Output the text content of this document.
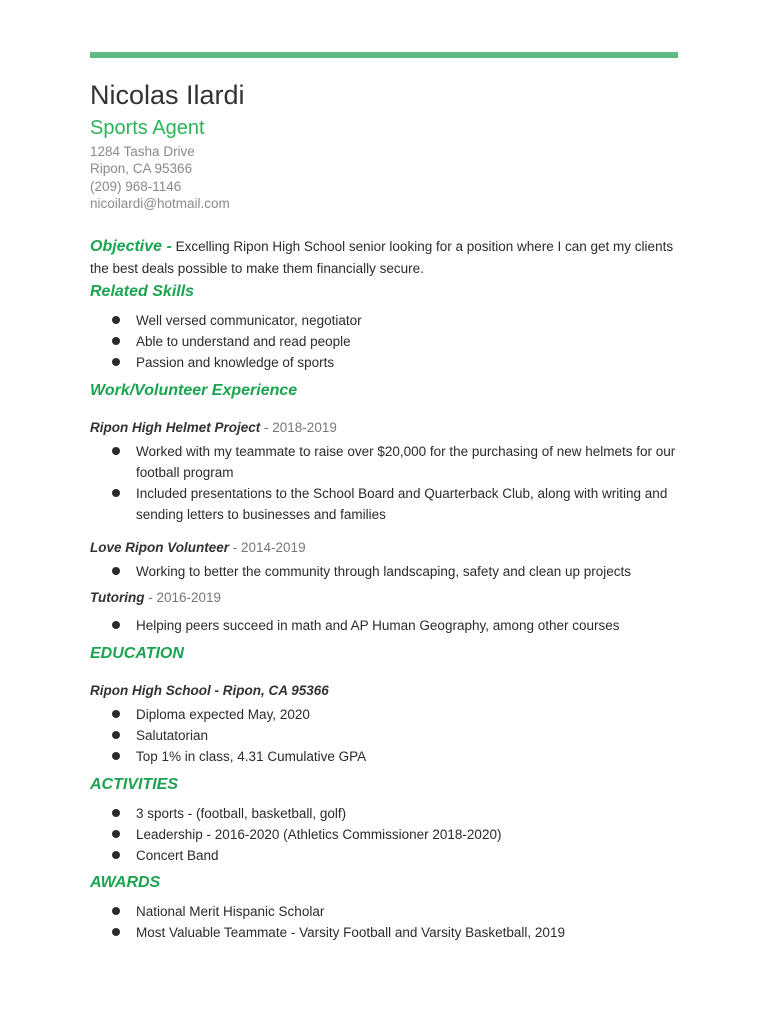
Nicolas Ilardi
Sports Agent
1284 Tasha Drive
Ripon, CA 95366
(209) 968-1146
nicoilardi@hotmail.com
Objective - Excelling Ripon High School senior looking for a position where I can get my clients the best deals possible to make them financially secure.
Related Skills
Well versed communicator, negotiator
Able to understand and read people
Passion and knowledge of sports
Work/Volunteer Experience
Ripon High Helmet Project - 2018-2019
Worked with my teammate to raise over $20,000 for the purchasing of new helmets for our football program
Included presentations to the School Board and Quarterback Club, along with writing and sending letters to businesses and families
Love Ripon Volunteer - 2014-2019
Working to better the community through landscaping, safety and clean up projects
Tutoring - 2016-2019
Helping peers succeed in math and AP Human Geography, among other courses
EDUCATION
Ripon High School - Ripon, CA 95366
Diploma expected May, 2020
Salutatorian
Top 1% in class, 4.31 Cumulative GPA
ACTIVITIES
3 sports - (football, basketball, golf)
Leadership - 2016-2020 (Athletics Commissioner 2018-2020)
Concert Band
AWARDS
National Merit Hispanic Scholar
Most Valuable Teammate - Varsity Football and Varsity Basketball, 2019
